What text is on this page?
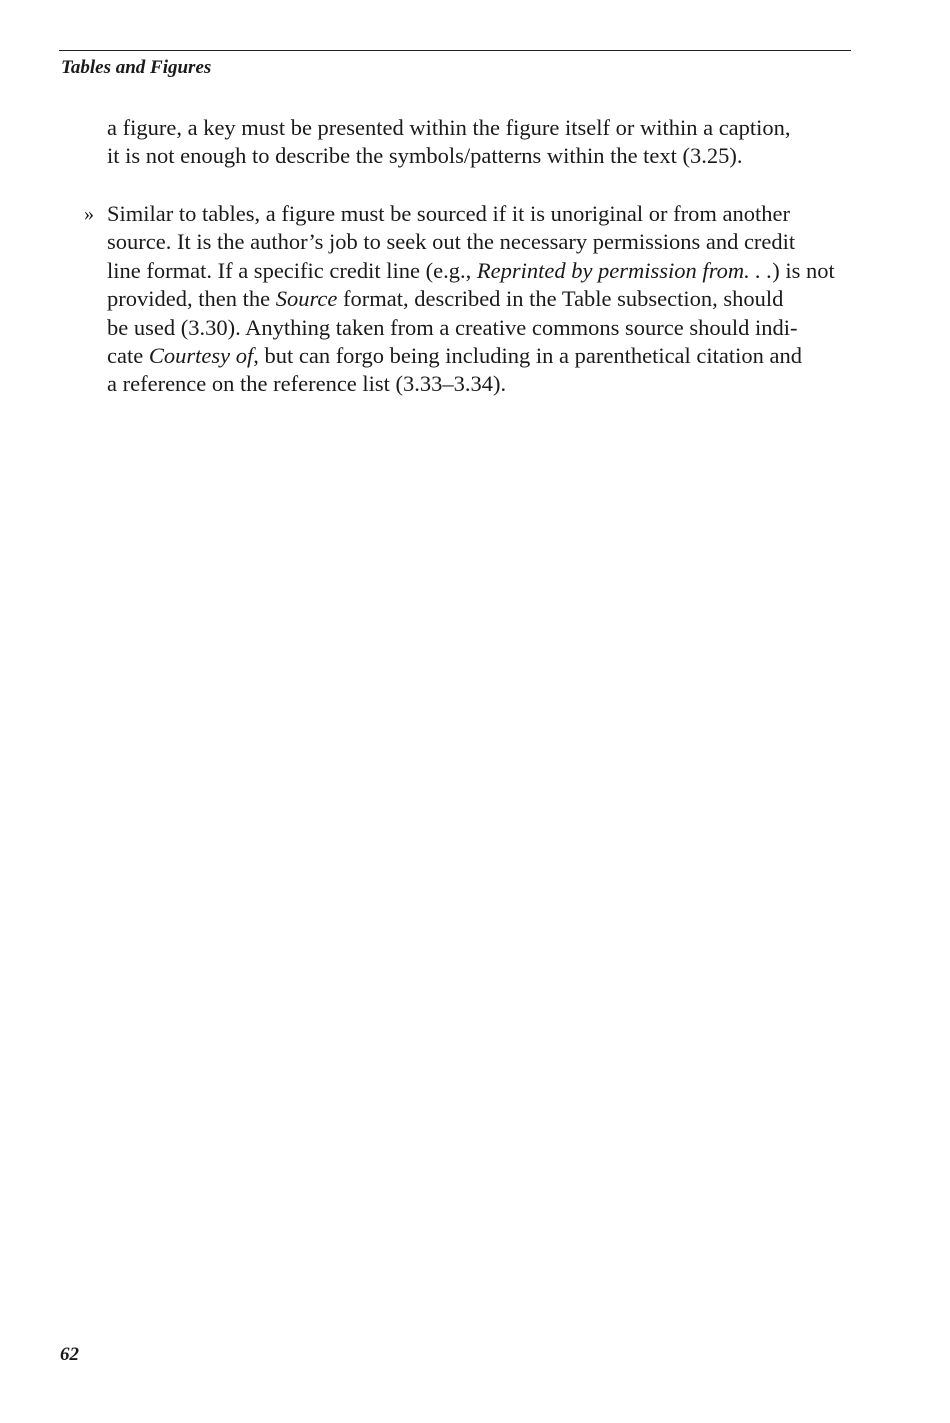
Tables and Figures
a figure, a key must be presented within the figure itself or within a caption,
it is not enough to describe the symbols/patterns within the text (3.25).
» Similar to tables, a figure must be sourced if it is unoriginal or from another
source. It is the author’s job to seek out the necessary permissions and credit
line format. If a specific credit line (e.g., Reprinted by permission from. . .) is not
provided, then the Source format, described in the Table subsection, should
be used (3.30). Anything taken from a creative commons source should indi-
cate Courtesy of, but can forgo being including in a parenthetical citation and
a reference on the reference list (3.33–3.34).
62
